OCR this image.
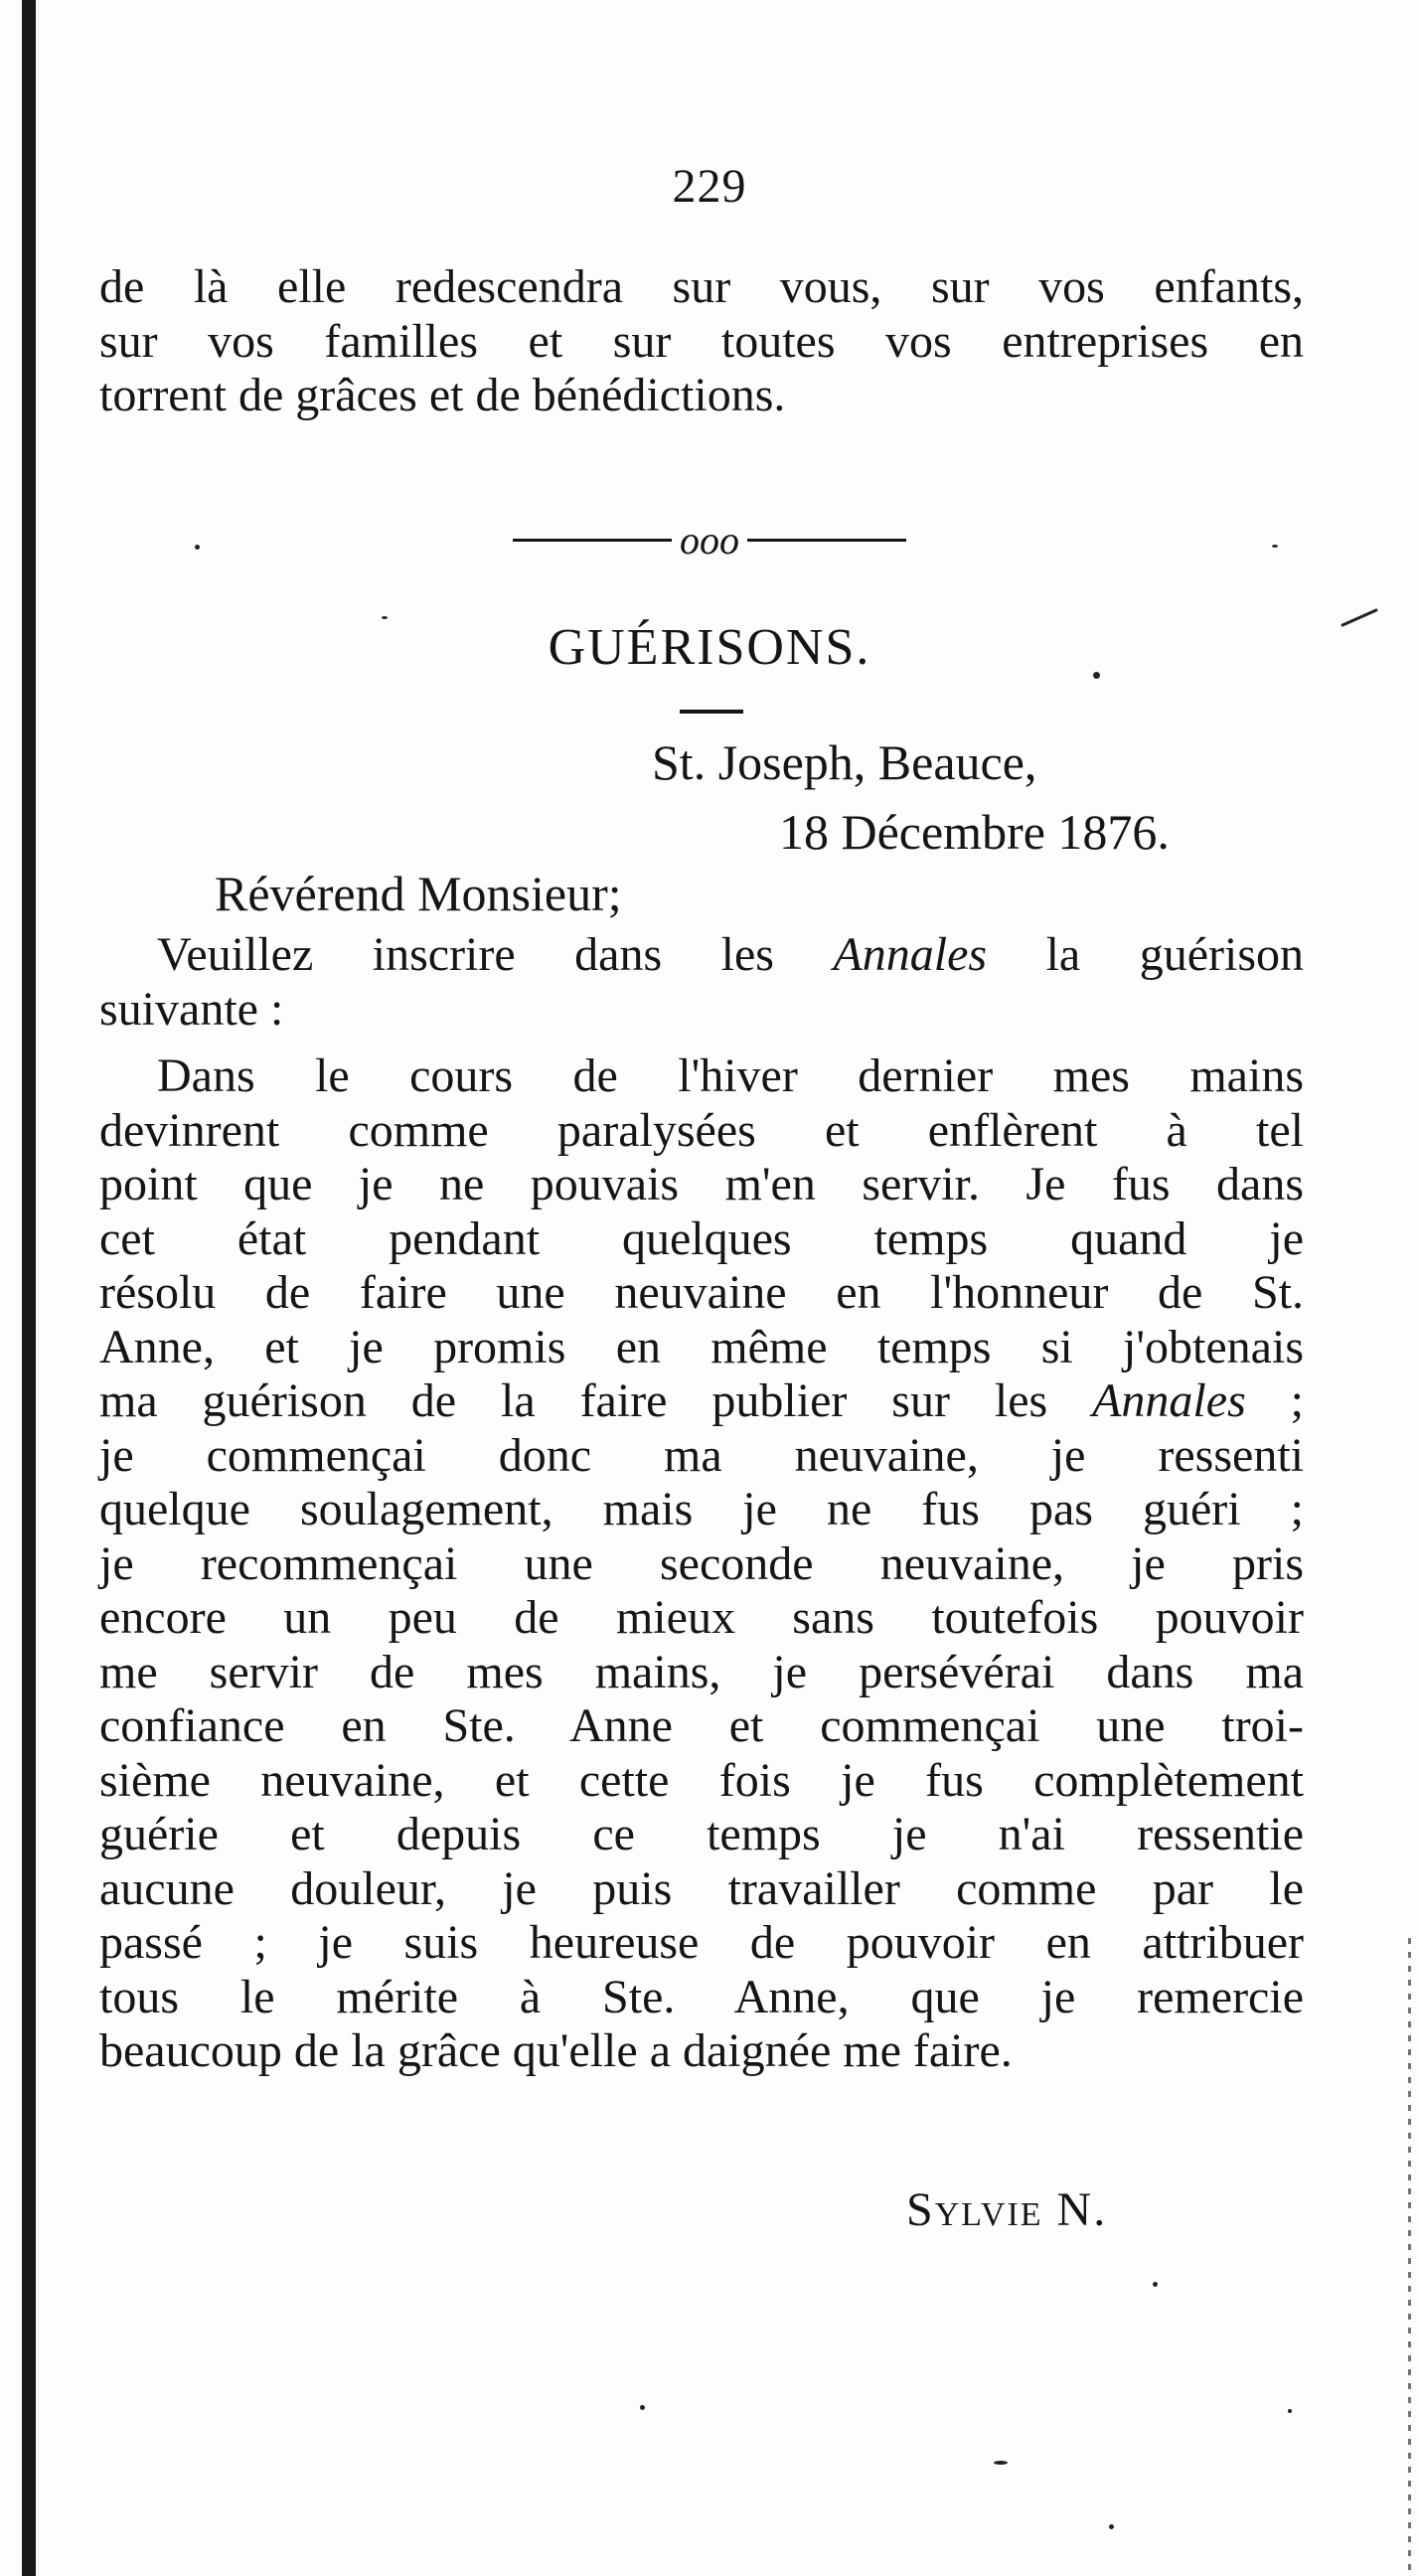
229
de là elle redescendra sur vous, sur vos enfants,
sur vos familles et sur toutes vos entreprises en
torrent de grâces et de bénédictions.
ooo
GUÉRISONS.
St. Joseph, Beauce,
18 Décembre 1876.
Révérend Monsieur;
Veuillez inscrire dans les Annales la guérison
suivante :
Dans le cours de l'hiver dernier mes mains
devinrent comme paralysées et enflèrent à tel
point que je ne pouvais m'en servir. Je fus dans
cet état pendant quelques temps quand je
résolu de faire une neuvaine en l'honneur de St.
Anne, et je promis en même temps si j'obtenais
ma guérison de la faire publier sur les Annales ;
je commençai donc ma neuvaine, je ressenti
quelque soulagement, mais je ne fus pas guéri ;
je recommençai une seconde neuvaine, je pris
encore un peu de mieux sans toutefois pouvoir
me servir de mes mains, je persévérai dans ma
confiance en Ste. Anne et commençai une troi-
sième neuvaine, et cette fois je fus complètement
guérie et depuis ce temps je n'ai ressentie
aucune douleur, je puis travailler comme par le
passé ; je suis heureuse de pouvoir en attribuer
tous le mérite à Ste. Anne, que je remercie
beaucoup de la grâce qu'elle a daignée me faire.
Sylvie N.
